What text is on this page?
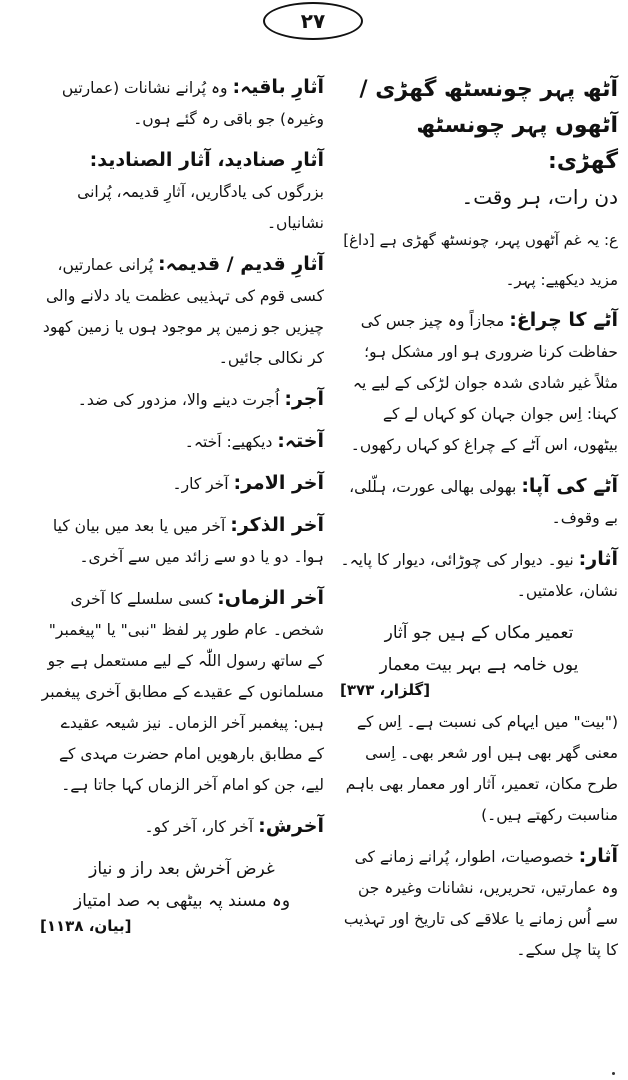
٢٧

آٹھ پہر چونسٹھ گھڑی / آٹھوں پہر چونسٹھ گھڑی:
دن رات، ہر وقت۔

ع: یہ غم آٹھوں پہر، چونسٹھ گھڑی ہے [داغ]

مزید دیکھیے: پہر۔

آٹے کا چراغ: مجازاً وہ چیز جس کی حفاظت کرنا ضروری ہو اور مشکل ہو؛ مثلاً غیر شادی شدہ جوان لڑکی کے لیے یہ کہنا: اِس جوان جہان کو کہاں لے کے بیٹھوں، اس آٹے کے چراغ کو کہاں رکھوں۔

آٹے کی آپا: بھولی بھالی عورت، ہلّلی، بے وقوف۔

آثار: نیو۔ دیوار کی چوڑائی، دیوار کا پایہ۔ نشان، علامتیں۔

تعمیر مکاں کے ہیں جو آثار

یوں خامہ ہے بہر بیت معمار

[گلزار، ٣٧٣]

("بیت" میں ایہام کی نسبت ہے۔ اِس کے معنی گھر بھی ہیں اور شعر بھی۔ اِسی طرح مکان، تعمیر، آثار اور معمار بھی باہم مناسبت رکھتے ہیں۔)

آثار: خصوصیات، اطوار، پُرانے زمانے کی وہ عمارتیں، تحریریں، نشانات وغیرہ جن سے اُس زمانے یا علاقے کی تاریخ اور تہذیب کا پتا چل سکے۔

آثارِ باقیہ: وہ پُرانے نشانات (عمارتیں وغیرہ) جو باقی رہ گئے ہوں۔

آثارِ صنادید، آثار الصنادید: بزرگوں کی یادگاریں، آثارِ قدیمہ، پُرانی نشانیاں۔

آثارِ قدیم / قدیمہ: پُرانی عمارتیں، کسی قوم کی تہذیبی عظمت یاد دلانے والی چیزیں جو زمین پر موجود ہوں یا زمین کھود کر نکالی جائیں۔

آجر: اُجرت دینے والا، مزدور کی ضد۔

آختہ: دیکھیے: اَختہ۔

آخر الامر: آخر کار۔

آخر الذکر: آخر میں یا بعد میں بیان کیا ہوا۔ دو یا دو سے زائد میں سے آخری۔

آخر الزماں: کسی سلسلے کا آخری شخص۔ عام طور پر لفظ "نبی" یا "پیغمبر" کے ساتھ رسول اللّٰہ کے لیے مستعمل ہے جو مسلمانوں کے عقیدے کے مطابق آخری پیغمبر ہیں: پیغمبر آخر الزماں۔ نیز شیعہ عقیدے کے مطابق بارھویں امام حضرت مہدی کے لیے، جن کو امام آخر الزماں کہا جاتا ہے۔

آخرش: آخر کار، آخر کو۔

غرض آخرش بعد راز و نیاز

وہ مسند پہ بیٹھی بہ صد امتیاز

[بیان، ١١٣٨]
